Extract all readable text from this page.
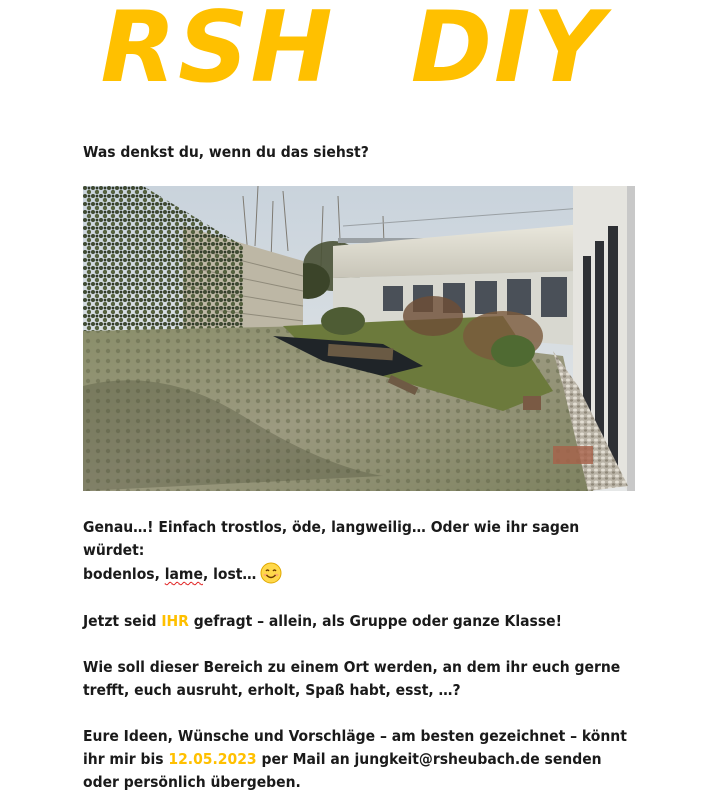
RSH DIY

Was denkst du, wenn du das siehst?

Genau…! Einfach trostlos, öde, langweilig… Oder wie ihr sagen würdet:
bodenlos, lame, lost…

Jetzt seid IHR gefragt – allein, als Gruppe oder ganze Klasse!

Wie soll dieser Bereich zu einem Ort werden, an dem ihr euch gerne trefft, euch ausruht, erholt, Spaß habt, esst, …?

Eure Ideen, Wünsche und Vorschläge – am besten gezeichnet – könnt ihr mir bis 12.05.2023 per Mail an jungkeit@rsheubach.de senden oder persönlich übergeben.
